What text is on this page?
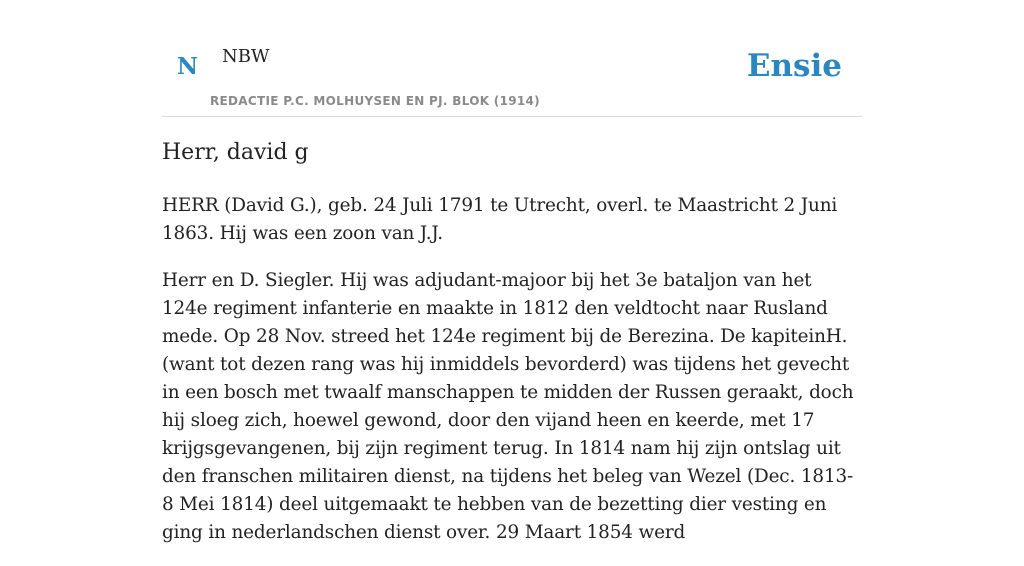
N NBW
REDACTIE P.C. MOLHUYSEN EN PJ. BLOK (1914)
Ensie
Herr, david g

HERR (David G.), geb. 24 Juli 1791 te Utrecht, overl. te Maastricht 2 Juni 1863. Hij was een zoon van J.J.

Herr en D. Siegler. Hij was adjudant-majoor bij het 3e bataljon van het 124e regiment infanterie en maakte in 1812 den veldtocht naar Rusland mede. Op 28 Nov. streed het 124e regiment bij de Berezina. De kapiteinH. (want tot dezen rang was hij inmiddels bevorderd) was tijdens het gevecht in een bosch met twaalf manschappen te midden der Russen geraakt, doch hij sloeg zich, hoewel gewond, door den vijand heen en keerde, met 17 krijgsgevangenen, bij zijn regiment terug. In 1814 nam hij zijn ontslag uit den franschen militairen dienst, na tijdens het beleg van Wezel (Dec. 1813-8 Mei 1814) deel uitgemaakt te hebben van de bezetting dier vesting en ging in nederlandschen dienst over. 29 Maart 1854 werd
